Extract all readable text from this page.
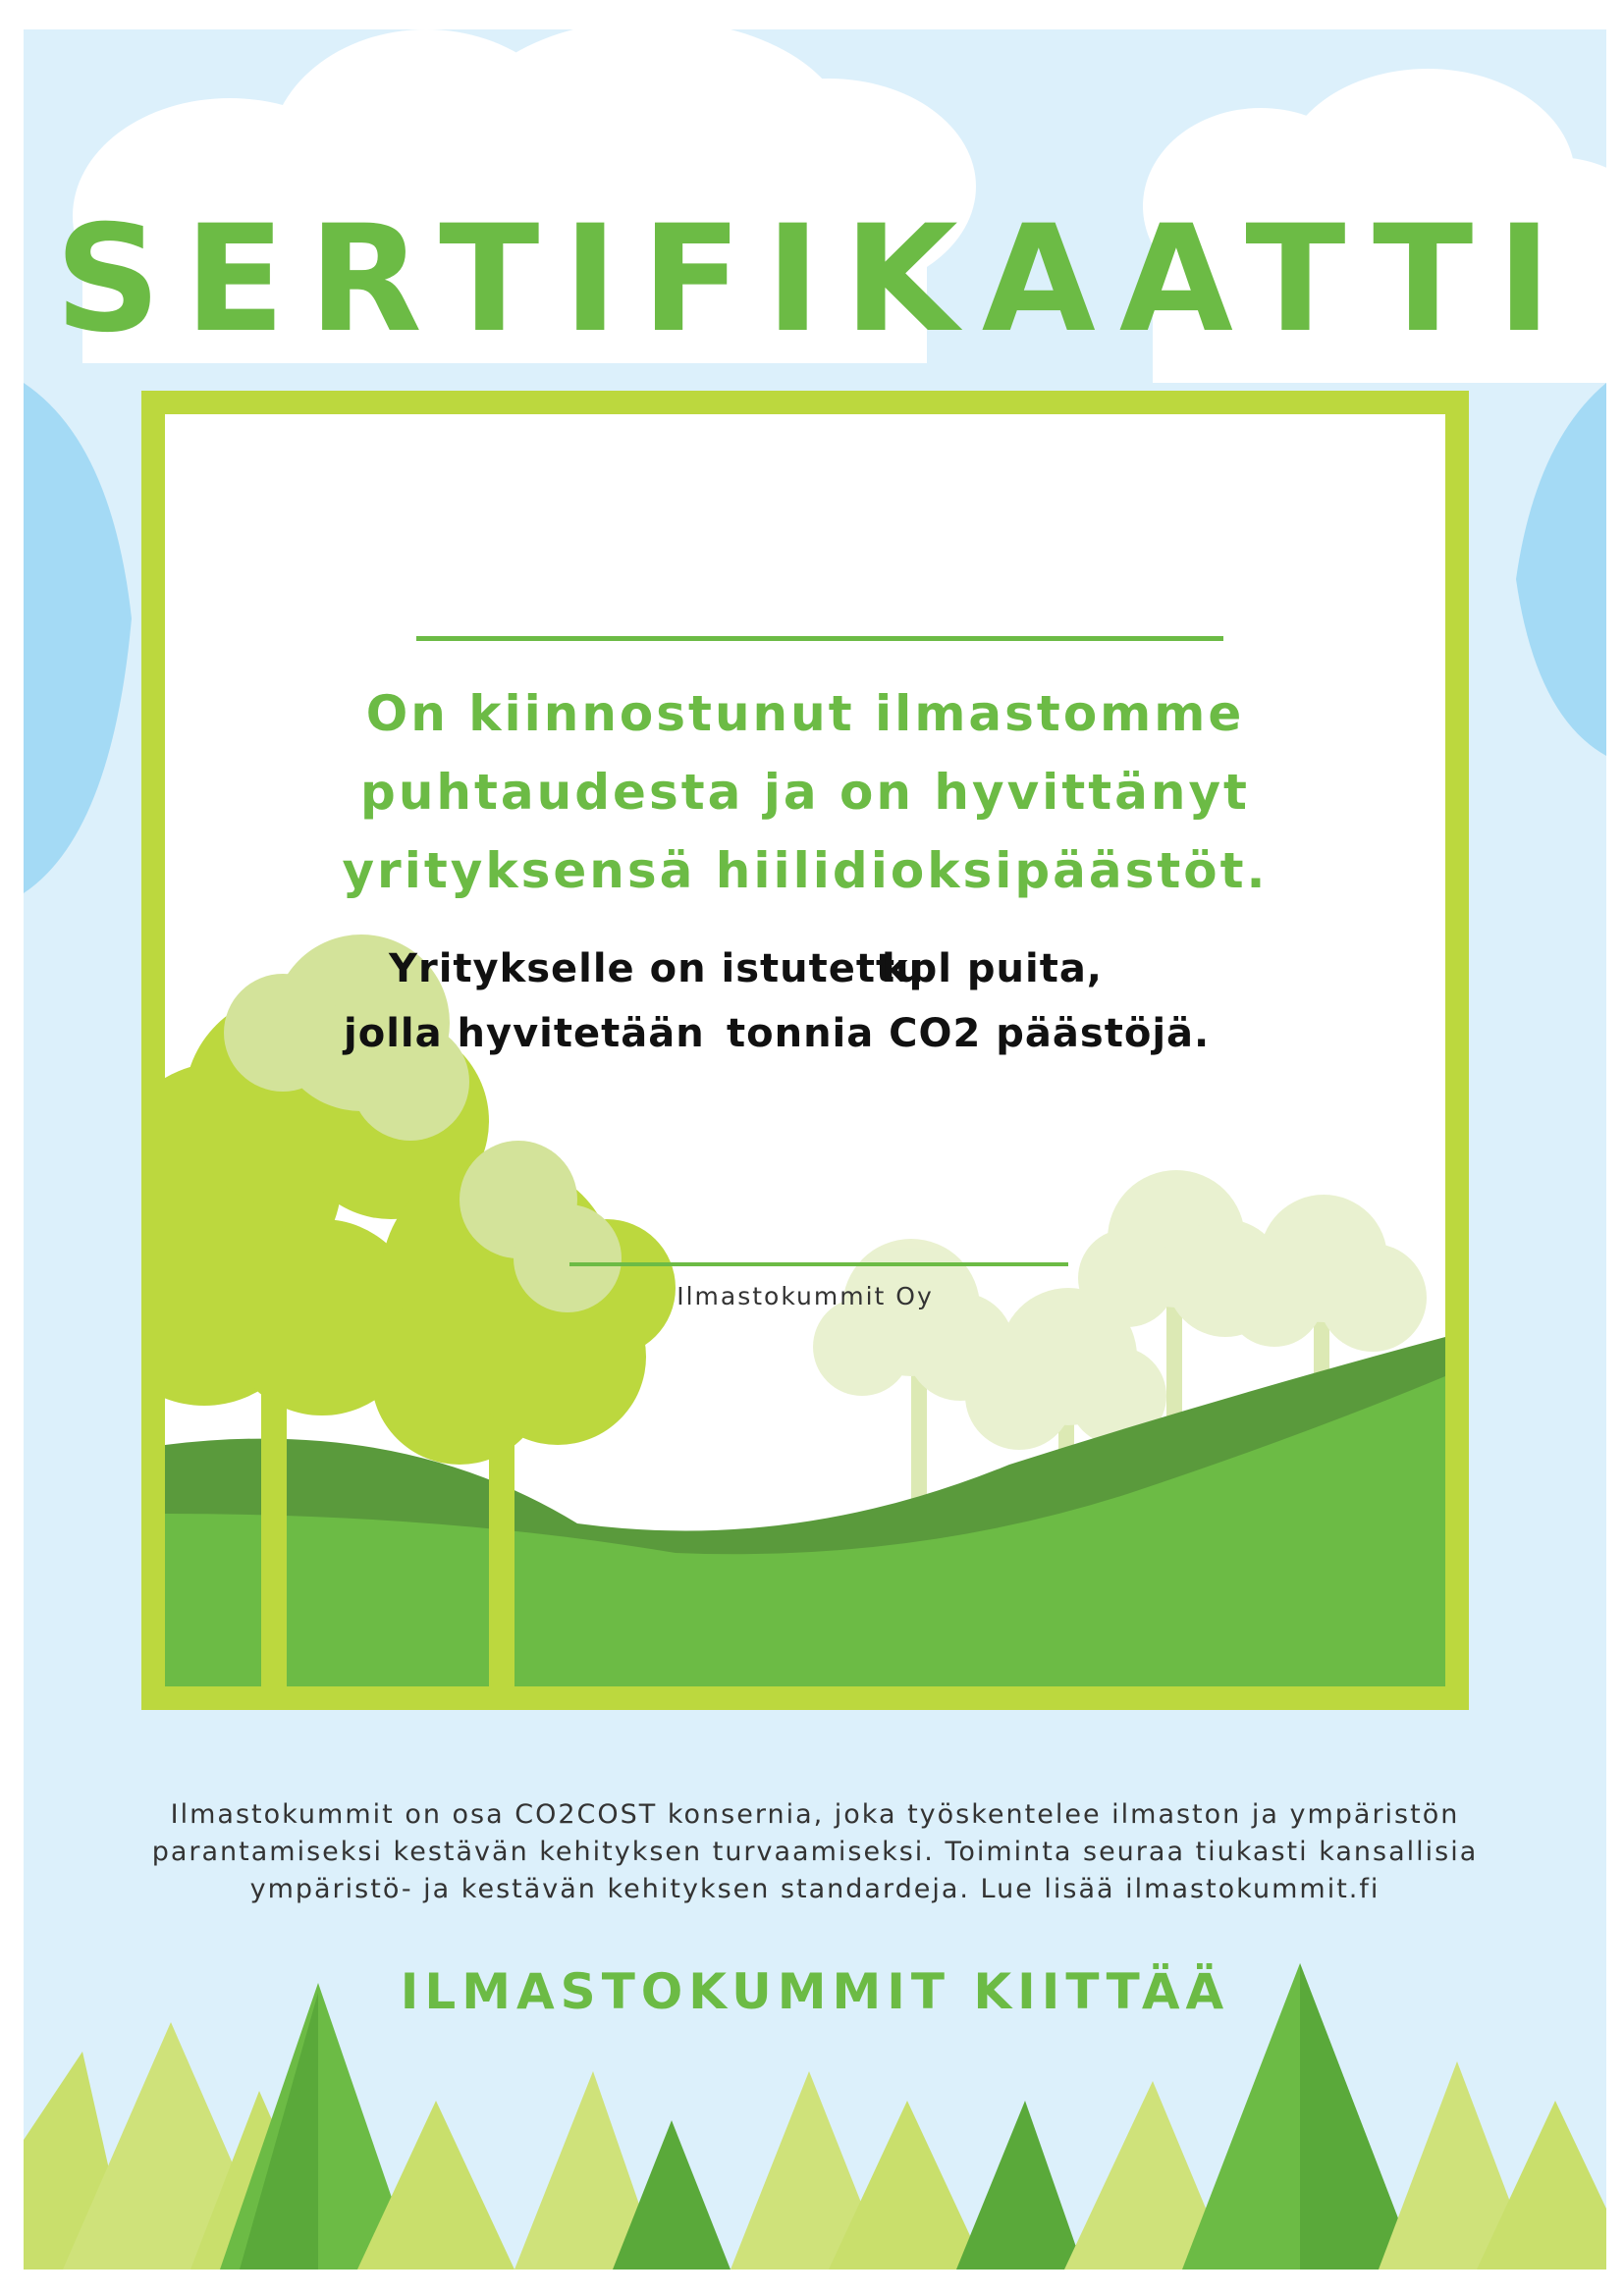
SERTIFIKAATTI
On kiinnostunut ilmastomme
puhtaudesta ja on hyvittänyt
yrityksensä hiilidioksipäästöt.
Yritykselle on istutettu
kpl puita,
jolla hyvitetään tonnia CO2 päästöjä.
Ilmastokummit Oy
Ilmastokummit on osa CO2COST konsernia, joka työskentelee ilmaston ja ympäristön
parantamiseksi kestävän kehityksen turvaamiseksi. Toiminta seuraa tiukasti kansallisia
ympäristö- ja kestävän kehityksen standardeja. Lue lisää ilmastokummit.fi
ILMASTOKUMMIT KIITTÄÄ
